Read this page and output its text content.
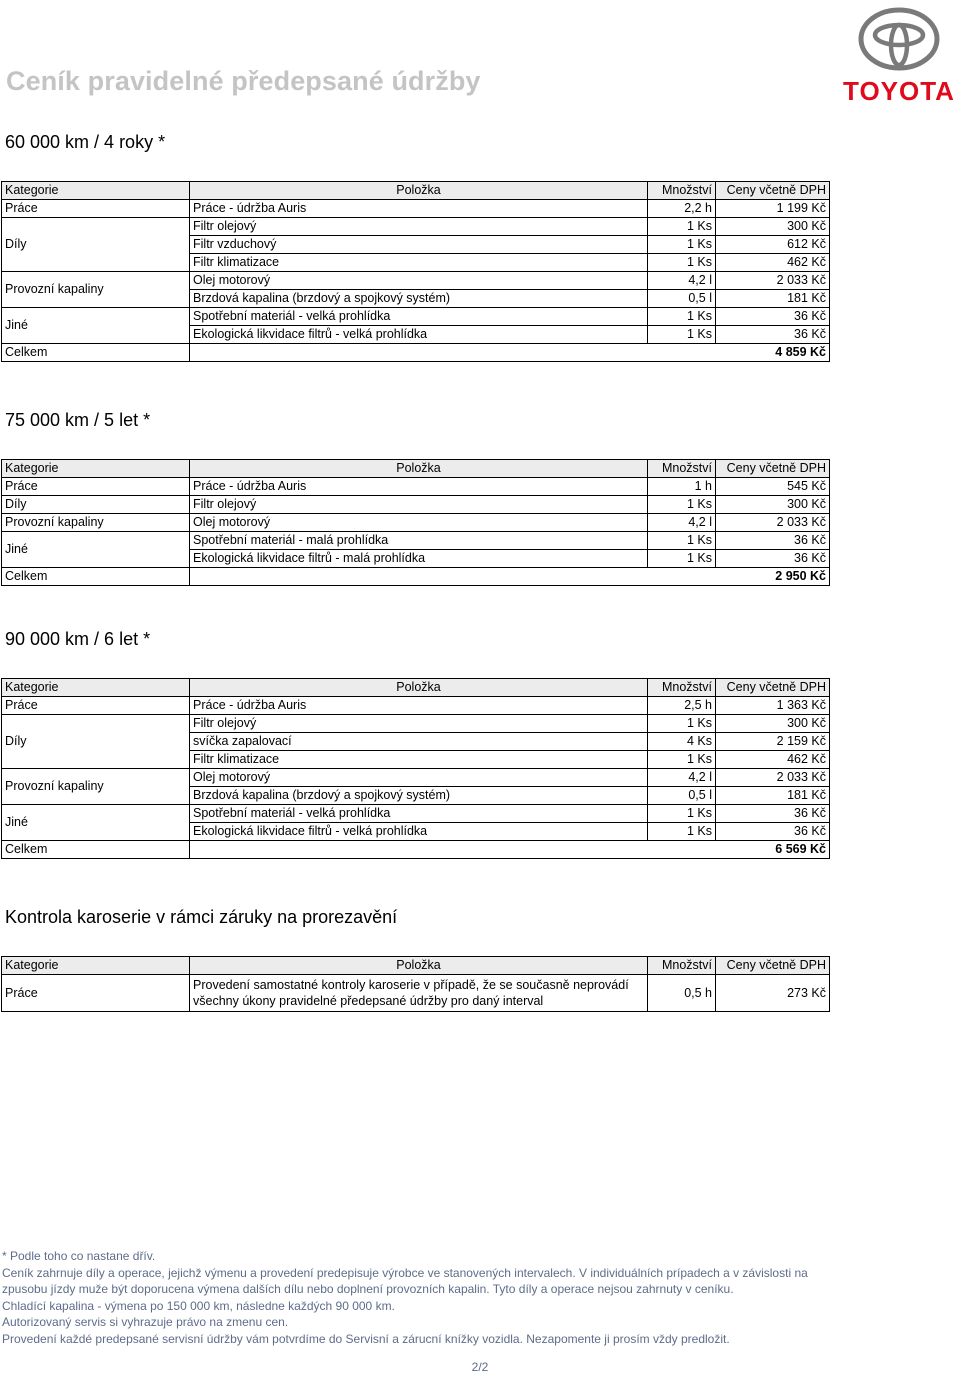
Ceník pravidelné předepsané údržby	TOYOTA
60 000 km / 4 roky *
Kategorie	Položka	Množství	Ceny včetně DPH
Práce	Práce - údržba Auris	2,2 h	1 199 Kč
Díly	Filtr olejový	1 Ks	300 Kč
	Filtr vzduchový	1 Ks	612 Kč
	Filtr klimatizace	1 Ks	462 Kč
Provozní kapaliny	Olej motorový	4,2 l	2 033 Kč
	Brzdová kapalina (brzdový a spojkový systém)	0,5 l	181 Kč
Jiné	Spotřební materiál - velká prohlídka	1 Ks	36 Kč
	Ekologická likvidace filtrů - velká prohlídka	1 Ks	36 Kč
Celkem	4 859 Kč		
75 000 km / 5 let *
Kategorie	Položka	Množství	Ceny včetně DPH
Práce	Práce - údržba Auris	1 h	545 Kč
Díly	Filtr olejový	1 Ks	300 Kč
Provozní kapaliny	Olej motorový	4,2 l	2 033 Kč
Jiné	Spotřební materiál - malá prohlídka	1 Ks	36 Kč
	Ekologická likvidace filtrů - malá prohlídka	1 Ks	36 Kč
Celkem	2 950 Kč		
90 000 km / 6 let *
Kategorie	Položka	Množství	Ceny včetně DPH
Práce	Práce - údržba Auris	2,5 h	1 363 Kč
Díly	Filtr olejový	1 Ks	300 Kč
	svíčka zapalovací	4 Ks	2 159 Kč
	Filtr klimatizace	1 Ks	462 Kč
Provozní kapaliny	Olej motorový	4,2 l	2 033 Kč
	Brzdová kapalina (brzdový a spojkový systém)	0,5 l	181 Kč
Jiné	Spotřební materiál - velká prohlídka	1 Ks	36 Kč
	Ekologická likvidace filtrů - velká prohlídka	1 Ks	36 Kč
Celkem	6 569 Kč		
Kontrola karoserie v rámci záruky na prorezavění
Kategorie	Položka	Množství	Ceny včetně DPH
Práce	Provedení samostatné kontroly karoserie v případě, že se současně neprovádí
všechny úkony pravidelné předepsané údržby pro daný interval	0,5 h	273 Kč

* Podle toho co nastane dřív.

Ceník zahrnuje díly a operace, jejichž výmenu a provedení predepisuje výrobce ve stanovených intervalech. V individuálních prípadech a v závislosti na

zpusobu jízdy muže být doporucena výmena dalších dílu nebo doplnení provozních kapalin. Tyto díly a operace nejsou zahrnuty v ceníku.

Chladící kapalina - výmena po 150 000 km, následne každých 90 000 km.

Autorizovaný servis si vyhrazuje právo na zmenu cen.

Provedení každé predepsané servisní údržby vám potvrdíme do Servisní a zárucní knížky vozidla. Nezapomente ji prosím vždy predložit.

2/2
